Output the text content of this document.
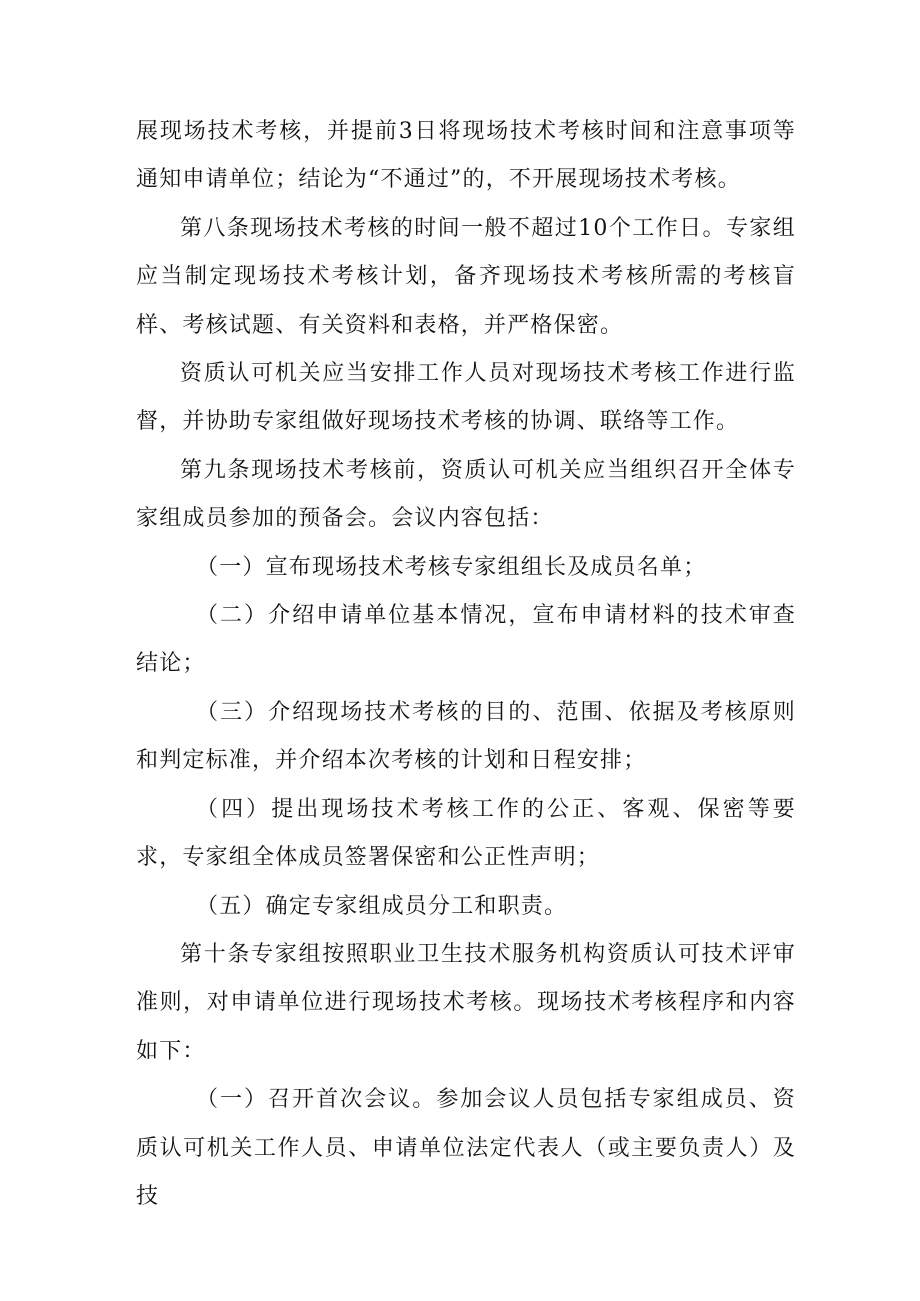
展现场技术考核，并提前3日将现场技术考核时间和注意事项等通知申请单位；结论为“不通过”的，不开展现场技术考核。

第八条现场技术考核的时间一般不超过10个工作日。专家组应当制定现场技术考核计划，备齐现场技术考核所需的考核盲样、考核试题、有关资料和表格，并严格保密。

资质认可机关应当安排工作人员对现场技术考核工作进行监督，并协助专家组做好现场技术考核的协调、联络等工作。

第九条现场技术考核前，资质认可机关应当组织召开全体专家组成员参加的预备会。会议内容包括：

（一）宣布现场技术考核专家组组长及成员名单；

（二）介绍申请单位基本情况，宣布申请材料的技术审查结论；

（三）介绍现场技术考核的目的、范围、依据及考核原则和判定标准，并介绍本次考核的计划和日程安排；

（四）提出现场技术考核工作的公正、客观、保密等要求，专家组全体成员签署保密和公正性声明；

（五）确定专家组成员分工和职责。

第十条专家组按照职业卫生技术服务机构资质认可技术评审准则，对申请单位进行现场技术考核。现场技术考核程序和内容如下：

（一）召开首次会议。参加会议人员包括专家组成员、资质认可机关工作人员、申请单位法定代表人（或主要负责人）及技
